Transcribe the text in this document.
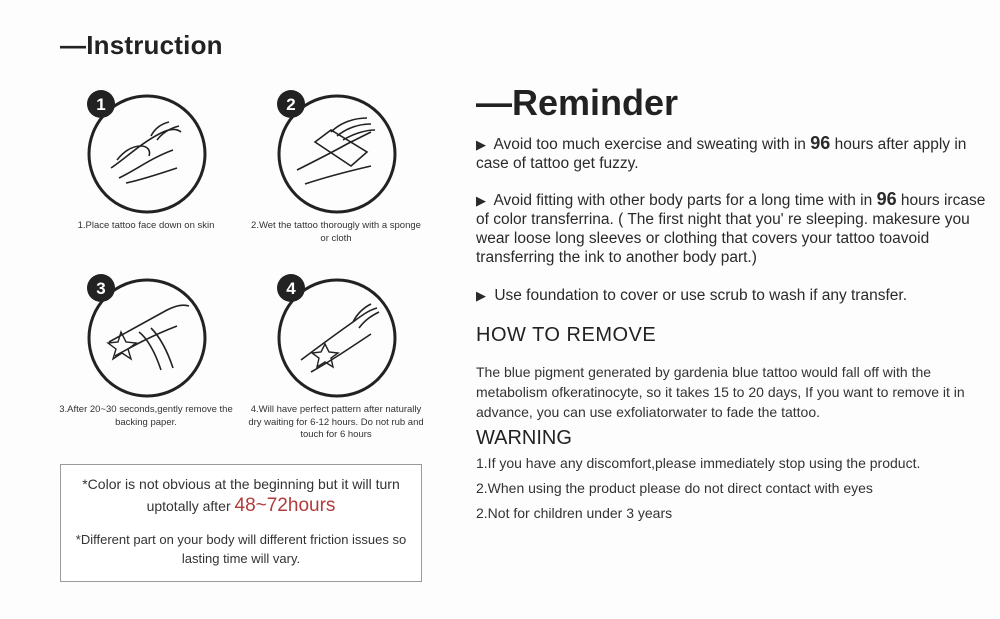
—Instruction
1
1.Place tattoo face down on skin
2
2.Wet the tattoo thorougly with a sponge or cloth
3
3.After 20~30 seconds,gently remove the backing paper.
4
4.Will have perfect pattern after naturally dry waiting for 6-12 hours. Do not rub and touch for 6 hours

*Color is not obvious at the beginning but it will turn uptotally after 48~72hours

*Different part on your body will different friction issues so lasting time will vary.

—Reminder
▶ Avoid too much exercise and sweating with in 96 hours after apply in case of tattoo get fuzzy.
▶ Avoid fitting with other body parts for a long time with in 96 hours ircase of color transferrina. ( The first night that you' re sleeping. makesure you wear loose long sleeves or clothing that covers your tattoo toavoid transferring the ink to another body part.)
▶ Use foundation to cover or use scrub to wash if any transfer.
HOW TO REMOVE
The blue pigment generated by gardenia blue tattoo would fall off with the metabolism ofkeratinocyte, so it takes 15 to 20 days, If you want to remove it in advance, you can use exfoliatorwater to fade the tattoo.
WARNING
1.If you have any discomfort,please immediately stop using the product.
2.When using the product please do not direct contact with eyes
2.Not for children under 3 years
